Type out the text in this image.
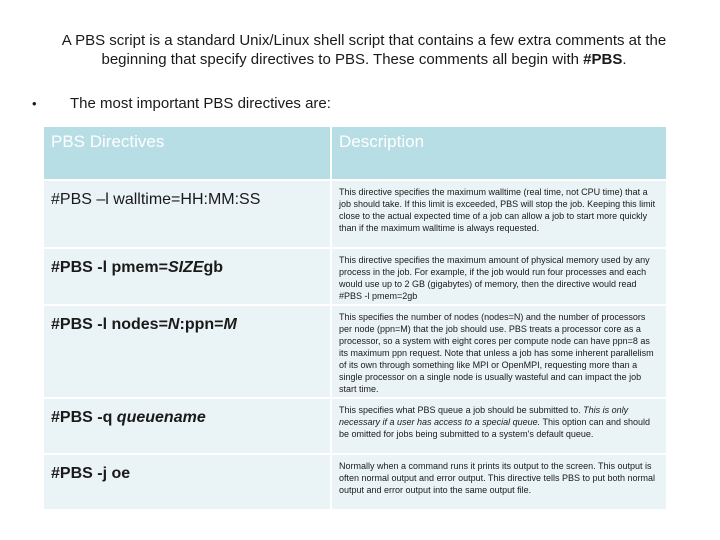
A PBS script is a standard Unix/Linux shell script that contains a few extra comments at the beginning that specify directives to PBS. These comments all begin with #PBS.
• The most important PBS directives are:
PBS Directives	Description
#PBS –l walltime=HH:MM:SS	This directive specifies the maximum walltime (real time, not CPU time) that a job should take. If this limit is exceeded, PBS will stop the job. Keeping this limit close to the actual expected time of a job can allow a job to start more quickly than if the maximum walltime is always requested.
#PBS -l pmem=SIZEgb	This directive specifies the maximum amount of physical memory used by any process in the job. For example, if the job would run four processes and each would use up to 2 GB (gigabytes) of memory, then the directive would read #PBS -l pmem=2gb
#PBS -l nodes=N:ppn=M	This specifies the number of nodes (nodes=N) and the number of processors per node (ppn=M) that the job should use. PBS treats a processor core as a processor, so a system with eight cores per compute node can have ppn=8 as its maximum ppn request. Note that unless a job has some inherent parallelism of its own through something like MPI or OpenMPI, requesting more than a single processor on a single node is usually wasteful and can impact the job start time.
#PBS -q queuename	This specifies what PBS queue a job should be submitted to. This is only necessary if a user has access to a special queue. This option can and should be omitted for jobs being submitted to a system's default queue.
#PBS -j oe	Normally when a command runs it prints its output to the screen. This output is often normal output and error output. This directive tells PBS to put both normal output and error output into the same output file.
